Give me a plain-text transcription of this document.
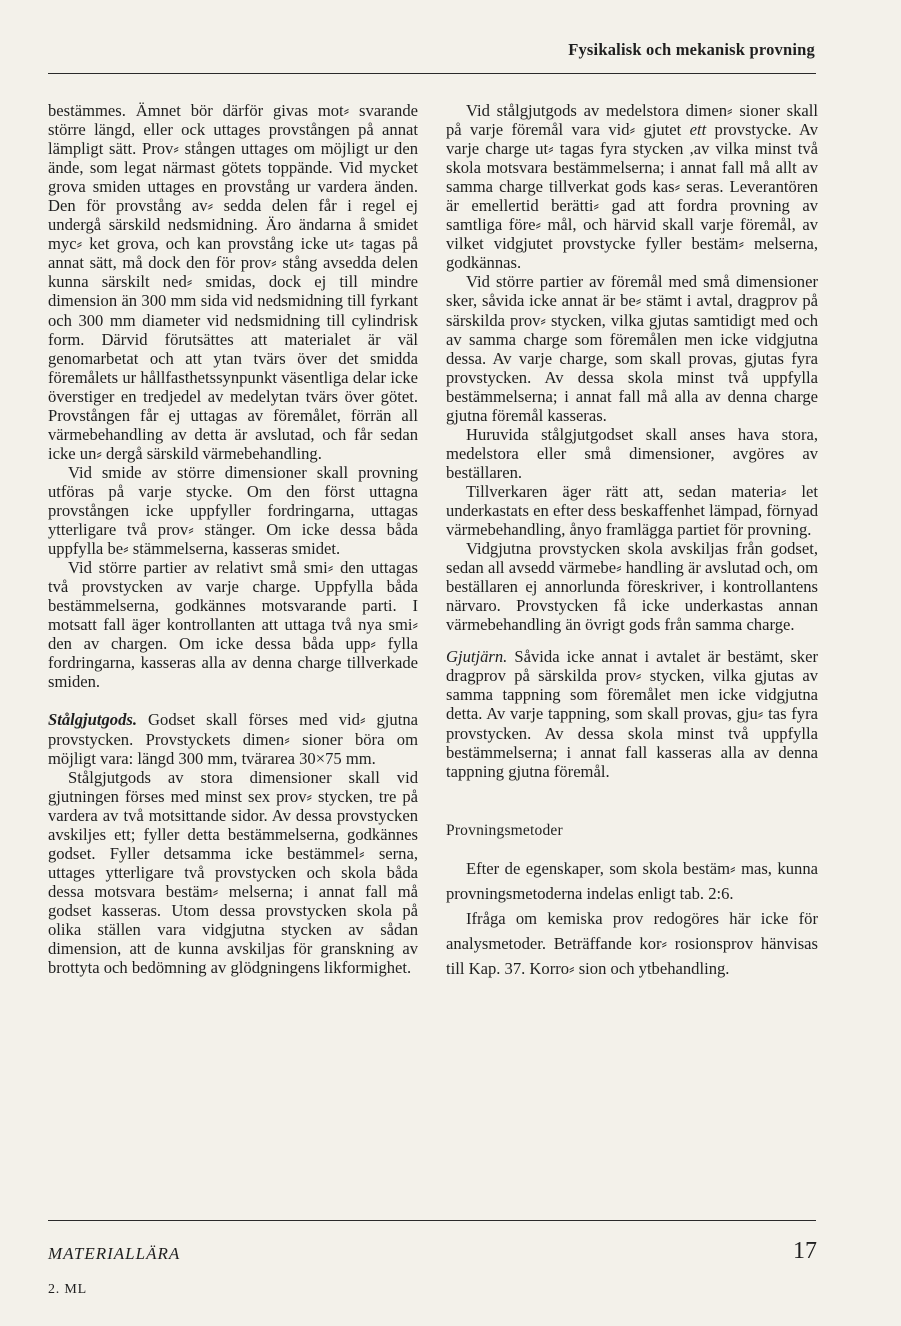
Fysikalisk och mekanisk provning

bestämmes. Ämnet bör därför givas mot⸗ svarande större längd, eller ock uttages provstången på annat lämpligt sätt. Prov⸗ stången uttages om möjligt ur den ände, som legat närmast götets toppände. Vid mycket grova smiden uttages en provstång ur vardera änden. Den för provstång av⸗ sedda delen får i regel ej undergå särskild nedsmidning. Äro ändarna å smidet myc⸗ ket grova, och kan provstång icke ut⸗ tagas på annat sätt, må dock den för prov⸗ stång avsedda delen kunna särskilt ned⸗ smidas, dock ej till mindre dimension än 300 mm sida vid nedsmidning till fyrkant och 300 mm diameter vid nedsmidning till cylindrisk form. Därvid förutsättes att materialet är väl genomarbetat och att ytan tvärs över det smidda föremålets ur hållfasthetssynpunkt väsentliga delar icke överstiger en tredjedel av medelytan tvärs över götet. Provstången får ej uttagas av föremålet, förrän all värmebehandling av detta är avslutad, och får sedan icke un⸗ dergå särskild värmebehandling.

Vid smide av större dimensioner skall provning utföras på varje stycke. Om den först uttagna provstången icke uppfyller fordringarna, uttagas ytterligare två prov⸗ stänger. Om icke dessa båda uppfylla be⸗ stämmelserna, kasseras smidet.

Vid större partier av relativt små smi⸗ den uttagas två provstycken av varje charge. Uppfylla båda bestämmelserna, godkännes motsvarande parti. I motsatt fall äger kontrollanten att uttaga två nya smi⸗ den av chargen. Om icke dessa båda upp⸗ fylla fordringarna, kasseras alla av denna charge tillverkade smiden.

Stålgjutgods. Godset skall förses med vid⸗ gjutna provstycken. Provstyckets dimen⸗ sioner böra om möjligt vara: längd 300 mm, tvärarea 30×75 mm.

Stålgjutgods av stora dimensioner skall vid gjutningen förses med minst sex prov⸗ stycken, tre på vardera av två motsittande sidor. Av dessa provstycken avskiljes ett; fyller detta bestämmelserna, godkännes godset. Fyller detsamma icke bestämmel⸗ serna, uttages ytterligare två provstycken och skola båda dessa motsvara bestäm⸗ melserna; i annat fall må godset kasseras. Utom dessa provstycken skola på olika ställen vara vidgjutna stycken av sådan dimension, att de kunna avskiljas för granskning av brottyta och bedömning av glödgningens likformighet.

Vid stålgjutgods av medelstora dimen⸗ sioner skall på varje föremål vara vid⸗ gjutet ett provstycke. Av varje charge ut⸗ tagas fyra stycken ,av vilka minst två skola motsvara bestämmelserna; i annat fall må allt av samma charge tillverkat gods kas⸗ seras. Leverantören är emellertid berätti⸗ gad att fordra provning av samtliga före⸗ mål, och härvid skall varje föremål, av vilket vidgjutet provstycke fyller bestäm⸗ melserna, godkännas.

Vid större partier av föremål med små dimensioner sker, såvida icke annat är be⸗ stämt i avtal, dragprov på särskilda prov⸗ stycken, vilka gjutas samtidigt med och av samma charge som föremålen men icke vidgjutna dessa. Av varje charge, som skall provas, gjutas fyra provstycken. Av dessa skola minst två uppfylla bestämmelserna; i annat fall må alla av denna charge gjutna föremål kasseras.

Huruvida stålgjutgodset skall anses hava stora, medelstora eller små dimensioner, avgöres av beställaren.

Tillverkaren äger rätt att, sedan materia⸗ let underkastats en efter dess beskaffenhet lämpad, förnyad värmebehandling, ånyo framlägga partiet för provning.

Vidgjutna provstycken skola avskiljas från godset, sedan all avsedd värmebe⸗ handling är avslutad och, om beställaren ej annorlunda föreskriver, i kontrollantens närvaro. Provstycken få icke underkastas annan värmebehandling än övrigt gods från samma charge.

Gjutjärn. Såvida icke annat i avtalet är bestämt, sker dragprov på särskilda prov⸗ stycken, vilka gjutas av samma tappning som föremålet men icke vidgjutna detta. Av varje tappning, som skall provas, gju⸗ tas fyra provstycken. Av dessa skola minst två uppfylla bestämmelserna; i annat fall kasseras alla av denna tappning gjutna föremål.

Provningsmetoder

Efter de egenskaper, som skola bestäm⸗ mas, kunna provningsmetoderna indelas enligt tab. 2:6.

Ifråga om kemiska prov redogöres här icke för analysmetoder. Beträffande kor⸗ rosionsprov hänvisas till Kap. 37. Korro⸗ sion och ytbehandling.

MATERIALLÄRA
2. ML
17
